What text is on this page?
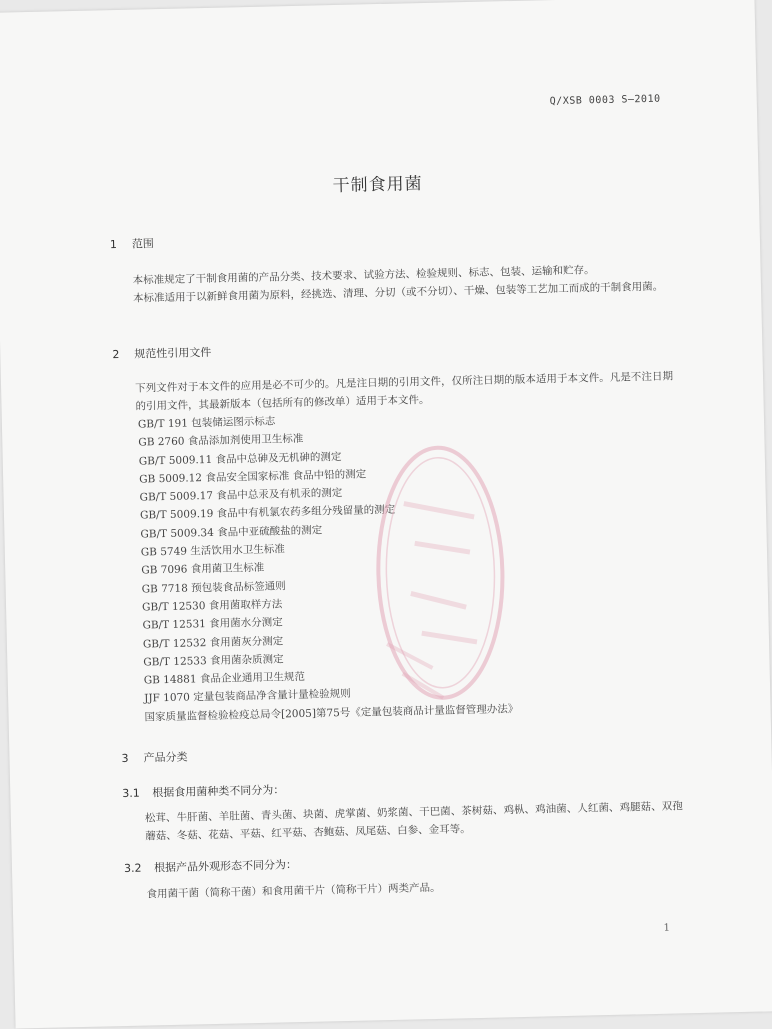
Q/XSB 0003 S—2010
干制食用菌
1 范围
本标准规定了干制食用菌的产品分类、技术要求、试验方法、检验规则、标志、包装、运输和贮存。
本标准适用于以新鲜食用菌为原料，经挑选、清理、分切（或不分切）、干燥、包装等工艺加工而成的干制食用菌。
2 规范性引用文件
下列文件对于本文件的应用是必不可少的。凡是注日期的引用文件，仅所注日期的版本适用于本文件。凡是不注日期的引用文件，其最新版本（包括所有的修改单）适用于本文件。
GB/T 191 包装储运图示标志
GB 2760 食品添加剂使用卫生标准
GB/T 5009.11 食品中总砷及无机砷的测定
GB 5009.12 食品安全国家标准 食品中铅的测定
GB/T 5009.17 食品中总汞及有机汞的测定
GB/T 5009.19 食品中有机氯农药多组分残留量的测定
GB/T 5009.34 食品中亚硫酸盐的测定
GB 5749 生活饮用水卫生标准
GB 7096 食用菌卫生标准
GB 7718 预包装食品标签通则
GB/T 12530 食用菌取样方法
GB/T 12531 食用菌水分测定
GB/T 12532 食用菌灰分测定
GB/T 12533 食用菌杂质测定
GB 14881 食品企业通用卫生规范
JJF 1070 定量包装商品净含量计量检验规则
国家质量监督检验检疫总局令[2005]第75号《定量包装商品计量监督管理办法》
3 产品分类
3.1 根据食用菌种类不同分为：
松茸、牛肝菌、羊肚菌、青头菌、块菌、虎掌菌、奶浆菌、干巴菌、茶树菇、鸡枞、鸡油菌、人红菌、鸡腿菇、双孢蘑菇、冬菇、花菇、平菇、红平菇、杏鲍菇、凤尾菇、白参、金耳等。
3.2 根据产品外观形态不同分为：
食用菌干菌（简称干菌）和食用菌干片（简称干片）两类产品。
1
